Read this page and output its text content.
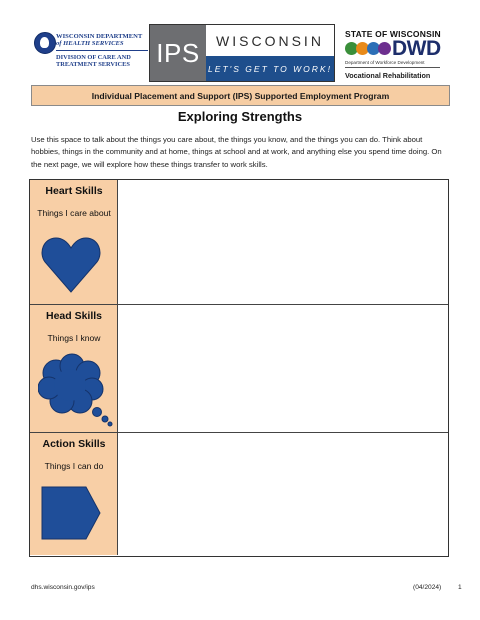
WISCONSIN DEPARTMENT
of HEALTH SERVICES
DIVISION OF CARE AND
TREATMENT SERVICES IPS	WISCONSIN
LET'S GET TO WORK!
STATE OF WISCONSIN
DWD
Department of Workforce Development
Vocational Rehabilitation
Individual Placement and Support (IPS) Supported Employment Program
Exploring Strengths
Use this space to talk about the things you care about, the things you know, and the things you can do. Think about hobbies, things in the community and at home, things at school and at work, and anything else you spend time doing. On the next page, we will explore how these things transfer to work skills.
Heart Skills
Things I care about
Head Skills
Things I know
Action Skills
Things I can do
dhs.wisconsin.gov/ips	(04/2024)	1
